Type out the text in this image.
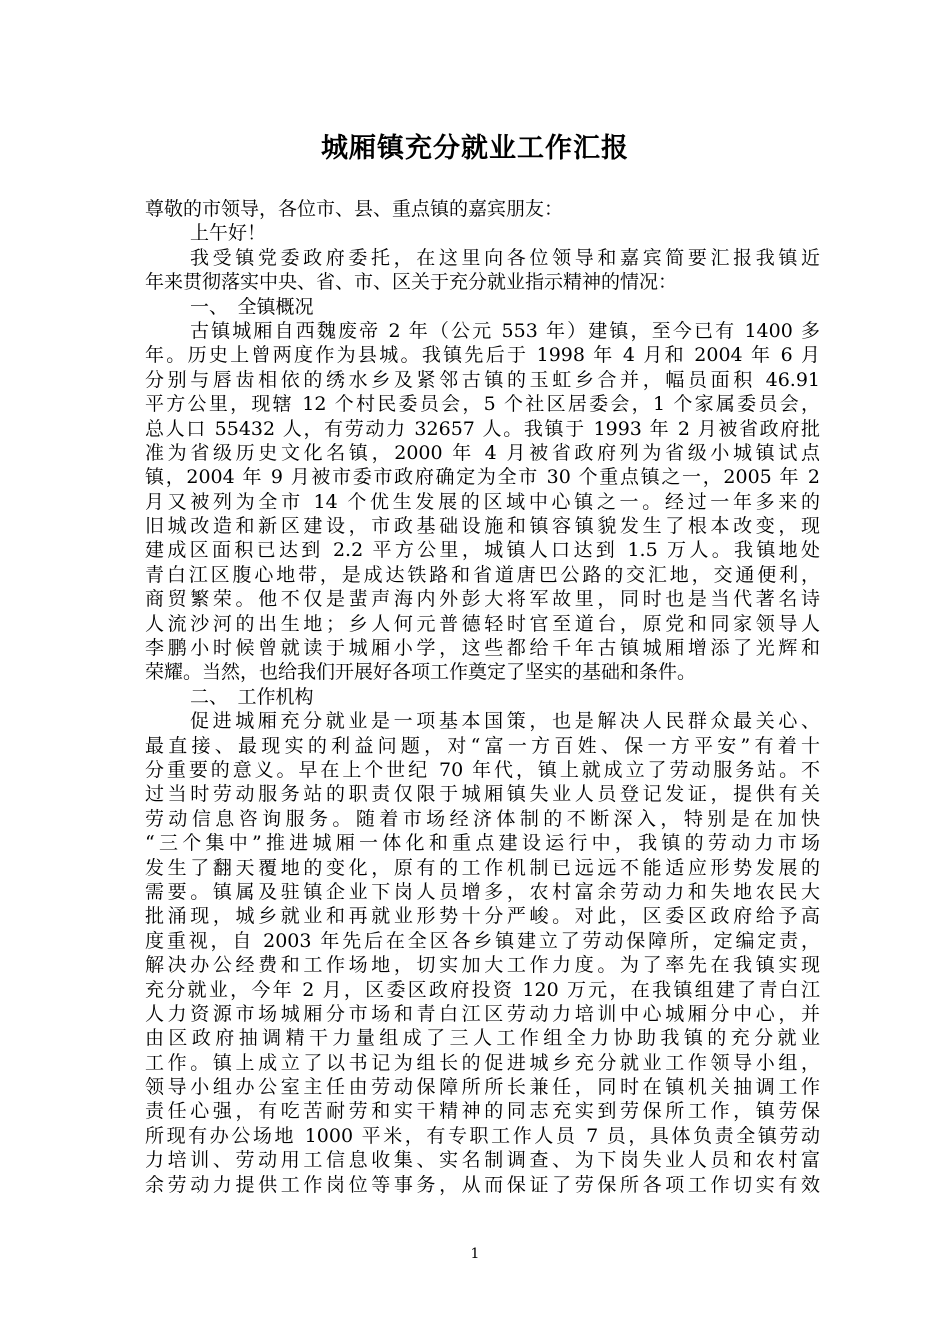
城厢镇充分就业工作汇报
尊敬的市领导，各位市、县、重点镇的嘉宾朋友：
上午好！
我受镇党委政府委托，在这里向各位领导和嘉宾简要汇报我镇近
年来贯彻落实中央、省、市、区关于充分就业指示精神的情况：
一、　全镇概况
古镇城厢自西魏废帝 2 年（公元 553 年）建镇，至今已有 1400 多
年。历史上曾两度作为县城。我镇先后于 1998 年 4 月和 2004 年 6 月
分别与唇齿相依的绣水乡及紧邻古镇的玉虹乡合并，幅员面积 46.91
平方公里，现辖 12 个村民委员会，5 个社区居委会，1 个家属委员会，
总人口 55432 人，有劳动力 32657 人。我镇于 1993 年 2 月被省政府批
准为省级历史文化名镇，2000 年 4 月被省政府列为省级小城镇试点
镇，2004 年 9 月被市委市政府确定为全市 30 个重点镇之一，2005 年 2
月又被列为全市 14 个优生发展的区域中心镇之一。经过一年多来的
旧城改造和新区建设，市政基础设施和镇容镇貌发生了根本改变，现
建成区面积已达到 2.2 平方公里，城镇人口达到 1.5 万人。我镇地处
青白江区腹心地带，是成达铁路和省道唐巴公路的交汇地，交通便利，
商贸繁荣。他不仅是蜚声海内外彭大将军故里，同时也是当代著名诗
人流沙河的出生地；乡人何元普德轻时官至道台，原党和同家领导人
李鹏小时候曾就读于城厢小学，这些都给千年古镇城厢增添了光辉和
荣耀。当然，也给我们开展好各项工作奠定了坚实的基础和条件。
二、　工作机构
促进城厢充分就业是一项基本国策，也是解决人民群众最关心、
最直接、最现实的利益问题，对“富一方百姓、保一方平安”有着十
分重要的意义。早在上个世纪 70 年代，镇上就成立了劳动服务站。不
过当时劳动服务站的职责仅限于城厢镇失业人员登记发证，提供有关
劳动信息咨询服务。随着市场经济体制的不断深入，特别是在加快
“三个集中”推进城厢一体化和重点建设运行中，我镇的劳动力市场
发生了翻天覆地的变化，原有的工作机制已远远不能适应形势发展的
需要。镇属及驻镇企业下岗人员增多，农村富余劳动力和失地农民大
批涌现，城乡就业和再就业形势十分严峻。对此，区委区政府给予高
度重视，自 2003 年先后在全区各乡镇建立了劳动保障所，定编定责，
解决办公经费和工作场地，切实加大工作力度。为了率先在我镇实现
充分就业，今年 2 月，区委区政府投资 120 万元，在我镇组建了青白江
人力资源市场城厢分市场和青白江区劳动力培训中心城厢分中心，并
由区政府抽调精干力量组成了三人工作组全力协助我镇的充分就业
工作。镇上成立了以书记为组长的促进城乡充分就业工作领导小组，
领导小组办公室主任由劳动保障所所长兼任，同时在镇机关抽调工作
责任心强，有吃苦耐劳和实干精神的同志充实到劳保所工作，镇劳保
所现有办公场地 1000 平米，有专职工作人员 7 员，具体负责全镇劳动
力培训、劳动用工信息收集、实名制调查、为下岗失业人员和农村富
余劳动力提供工作岗位等事务，从而保证了劳保所各项工作切实有效
1
